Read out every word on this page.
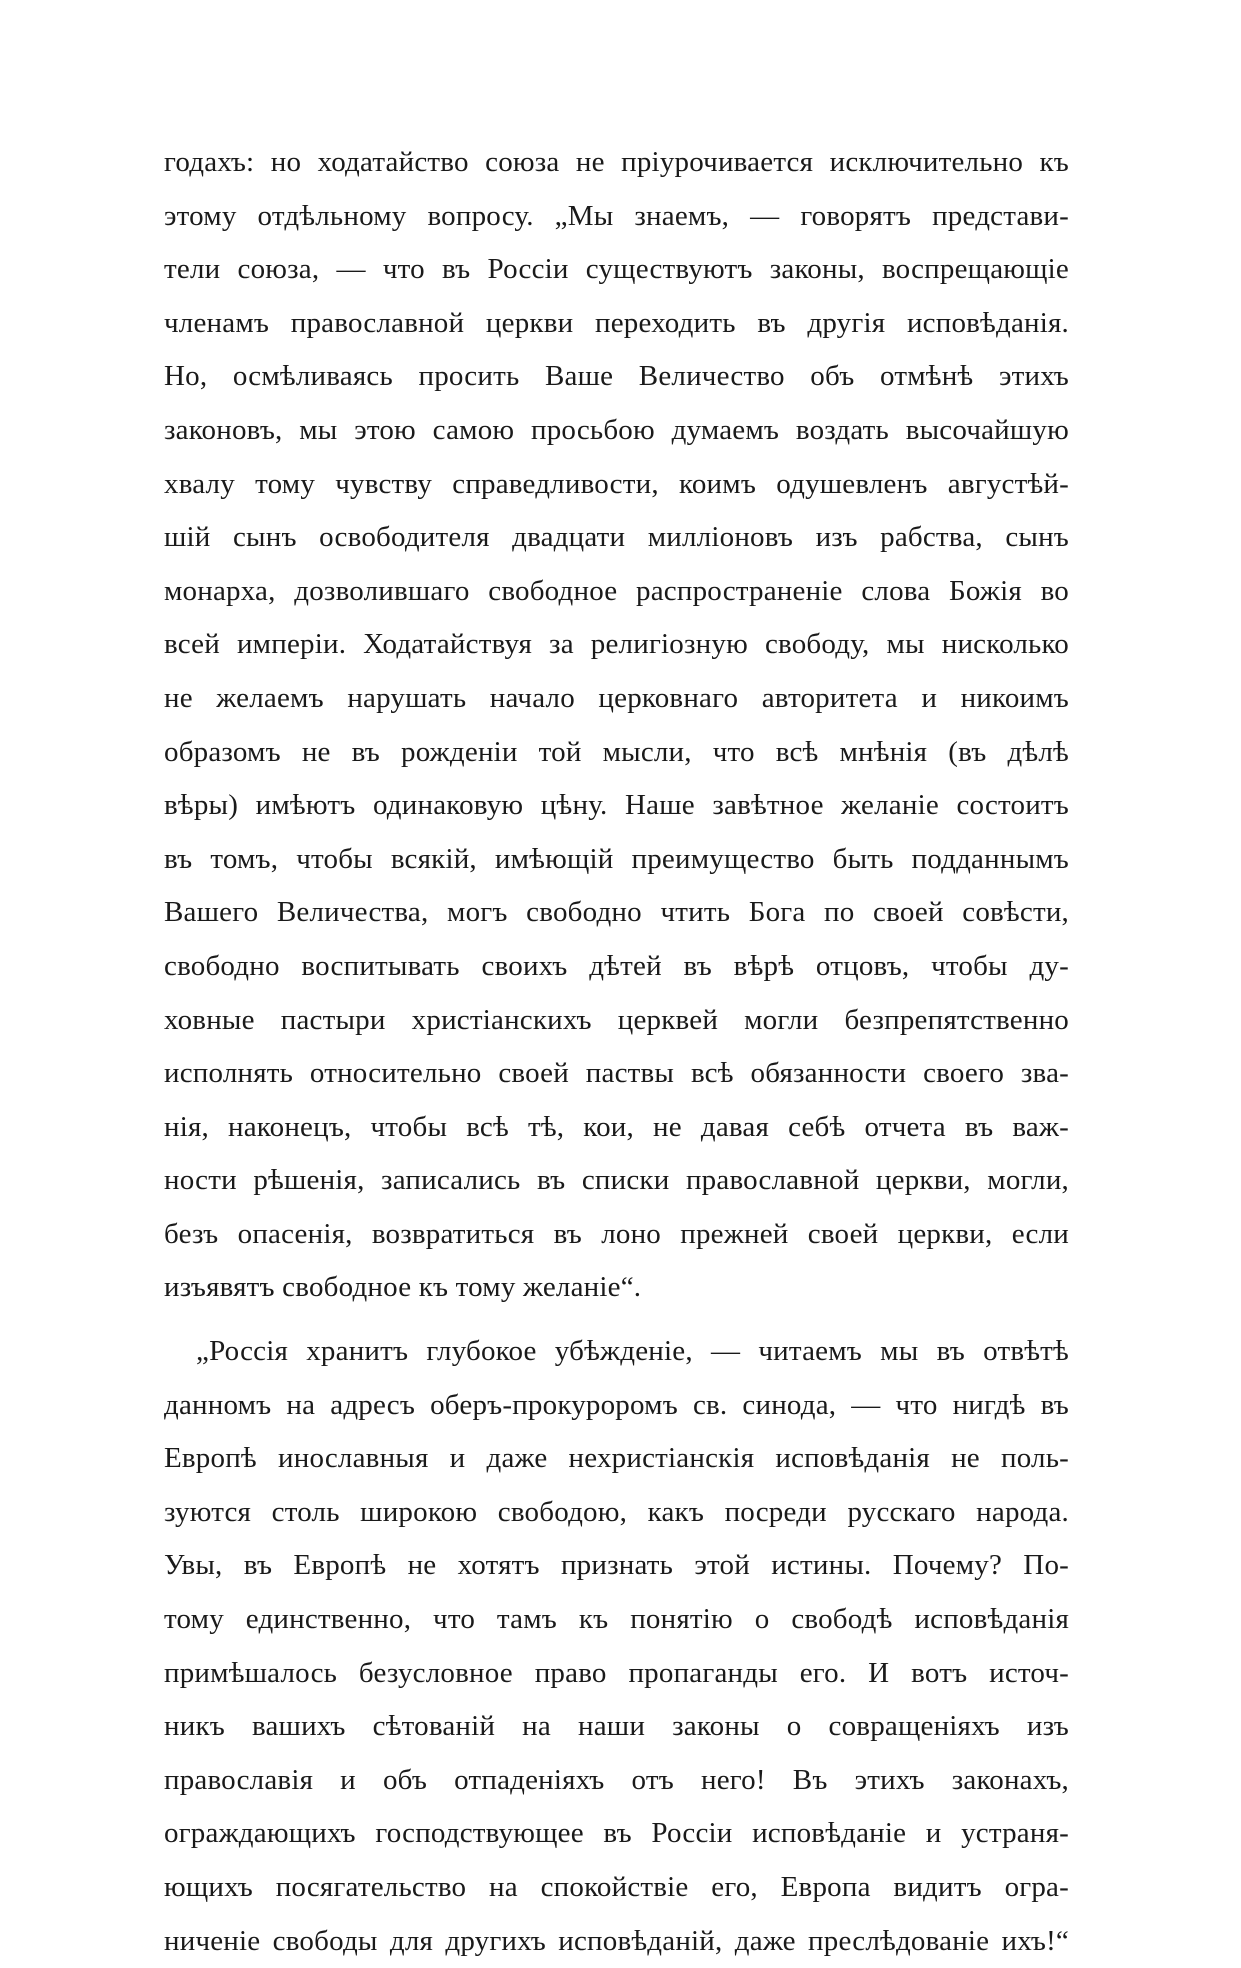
годахъ: но ходатайство союза не пріурочивается исключительно къ
этому отдѣльному вопросу. „Мы знаемъ, — говорятъ представи-
тели союза, — что въ Россіи существуютъ законы, воспрещающіе
членамъ православной церкви переходить въ другія исповѣданія.
Но, осмѣливаясь просить Ваше Величество объ отмѣнѣ этихъ
законовъ, мы этою самою просьбою думаемъ воздать высочайшую
хвалу тому чувству справедливости, коимъ одушевленъ августѣй-
шій сынъ освободителя двадцати милліоновъ изъ рабства, сынъ
монарха, дозволившаго свободное распространеніе слова Божія во
всей имперіи. Ходатайствуя за религіозную свободу, мы нисколько
не желаемъ нарушать начало церковнаго авторитета и никоимъ
образомъ не въ рожденіи той мысли, что всѣ мнѣнія (въ дѣлѣ
вѣры) имѣютъ одинаковую цѣну. Наше завѣтное желаніе состоитъ
въ томъ, чтобы всякій, имѣющій преимущество быть подданнымъ
Вашего Величества, могъ свободно чтить Бога по своей совѣсти,
свободно воспитывать своихъ дѣтей въ вѣрѣ отцовъ, чтобы ду-
ховные пастыри христіанскихъ церквей могли безпрепятственно
исполнять относительно своей паствы всѣ обязанности своего зва-
нія, наконецъ, чтобы всѣ тѣ, кои, не давая себѣ отчета въ важ-
ности рѣшенія, записались въ списки православной церкви, могли,
безъ опасенія, возвратиться въ лоно прежней своей церкви, если
изъявятъ свободное къ тому желаніе“.
„Россія хранитъ глубокое убѣжденіе, — читаемъ мы въ отвѣтѣ
данномъ на адресъ оберъ-прокуроромъ св. синода, — что нигдѣ въ
Европѣ инославныя и даже нехристіанскія исповѣданія не поль-
зуются столь широкою свободою, какъ посреди русскаго народа.
Увы, въ Европѣ не хотятъ признать этой истины. Почему? По-
тому единственно, что тамъ къ понятію о свободѣ исповѣданія
примѣшалось безусловное право пропаганды его. И вотъ источ-
никъ вашихъ сѣтованій на наши законы о совращеніяхъ изъ
православія и объ отпаденіяхъ отъ него! Въ этихъ законахъ,
ограждающихъ господствующее въ Россіи исповѣданіе и устраня-
ющихъ посягательство на спокойствіе его, Европа видитъ огра-
ниченіе свободы для другихъ исповѣданій, даже преслѣдованіе ихъ!“
